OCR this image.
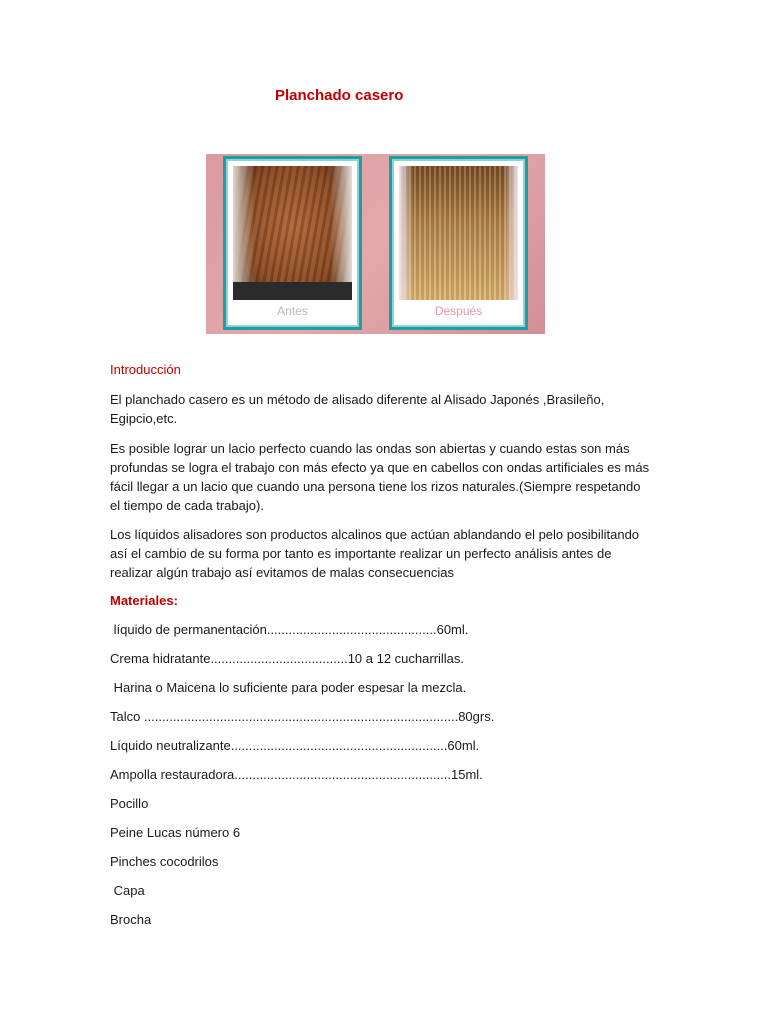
Planchado casero
Antes	Después
Introducción
El planchado casero es un método de alisado diferente al Alisado Japonés ,Brasileño, Egipcio,etc.
Es posible lograr un lacio perfecto cuando las ondas son abiertas y cuando estas son más profundas se logra el trabajo con más efecto ya que en cabellos con ondas artificiales es más fácil llegar a un lacio que cuando una persona tiene los rizos naturales.(Siempre respetando el tiempo de cada trabajo).
Los líquidos alisadores son productos alcalinos que actúan ablandando el pelo posibilitando así el cambio de su forma por tanto es importante realizar un perfecto análisis antes de realizar algún trabajo así evitamos de malas consecuencias
Materiales:
líquido de permanentación...............................................60ml.
Crema hidratante......................................10 a 12 cucharrillas.
Harina o Maicena lo suficiente para poder espesar la mezcla.
Talco .......................................................................................80grs.
Líquido neutralizante............................................................60ml.
Ampolla restauradora............................................................15ml.
Pocillo
Peine Lucas número 6
Pinches cocodrilos
Capa
Brocha
